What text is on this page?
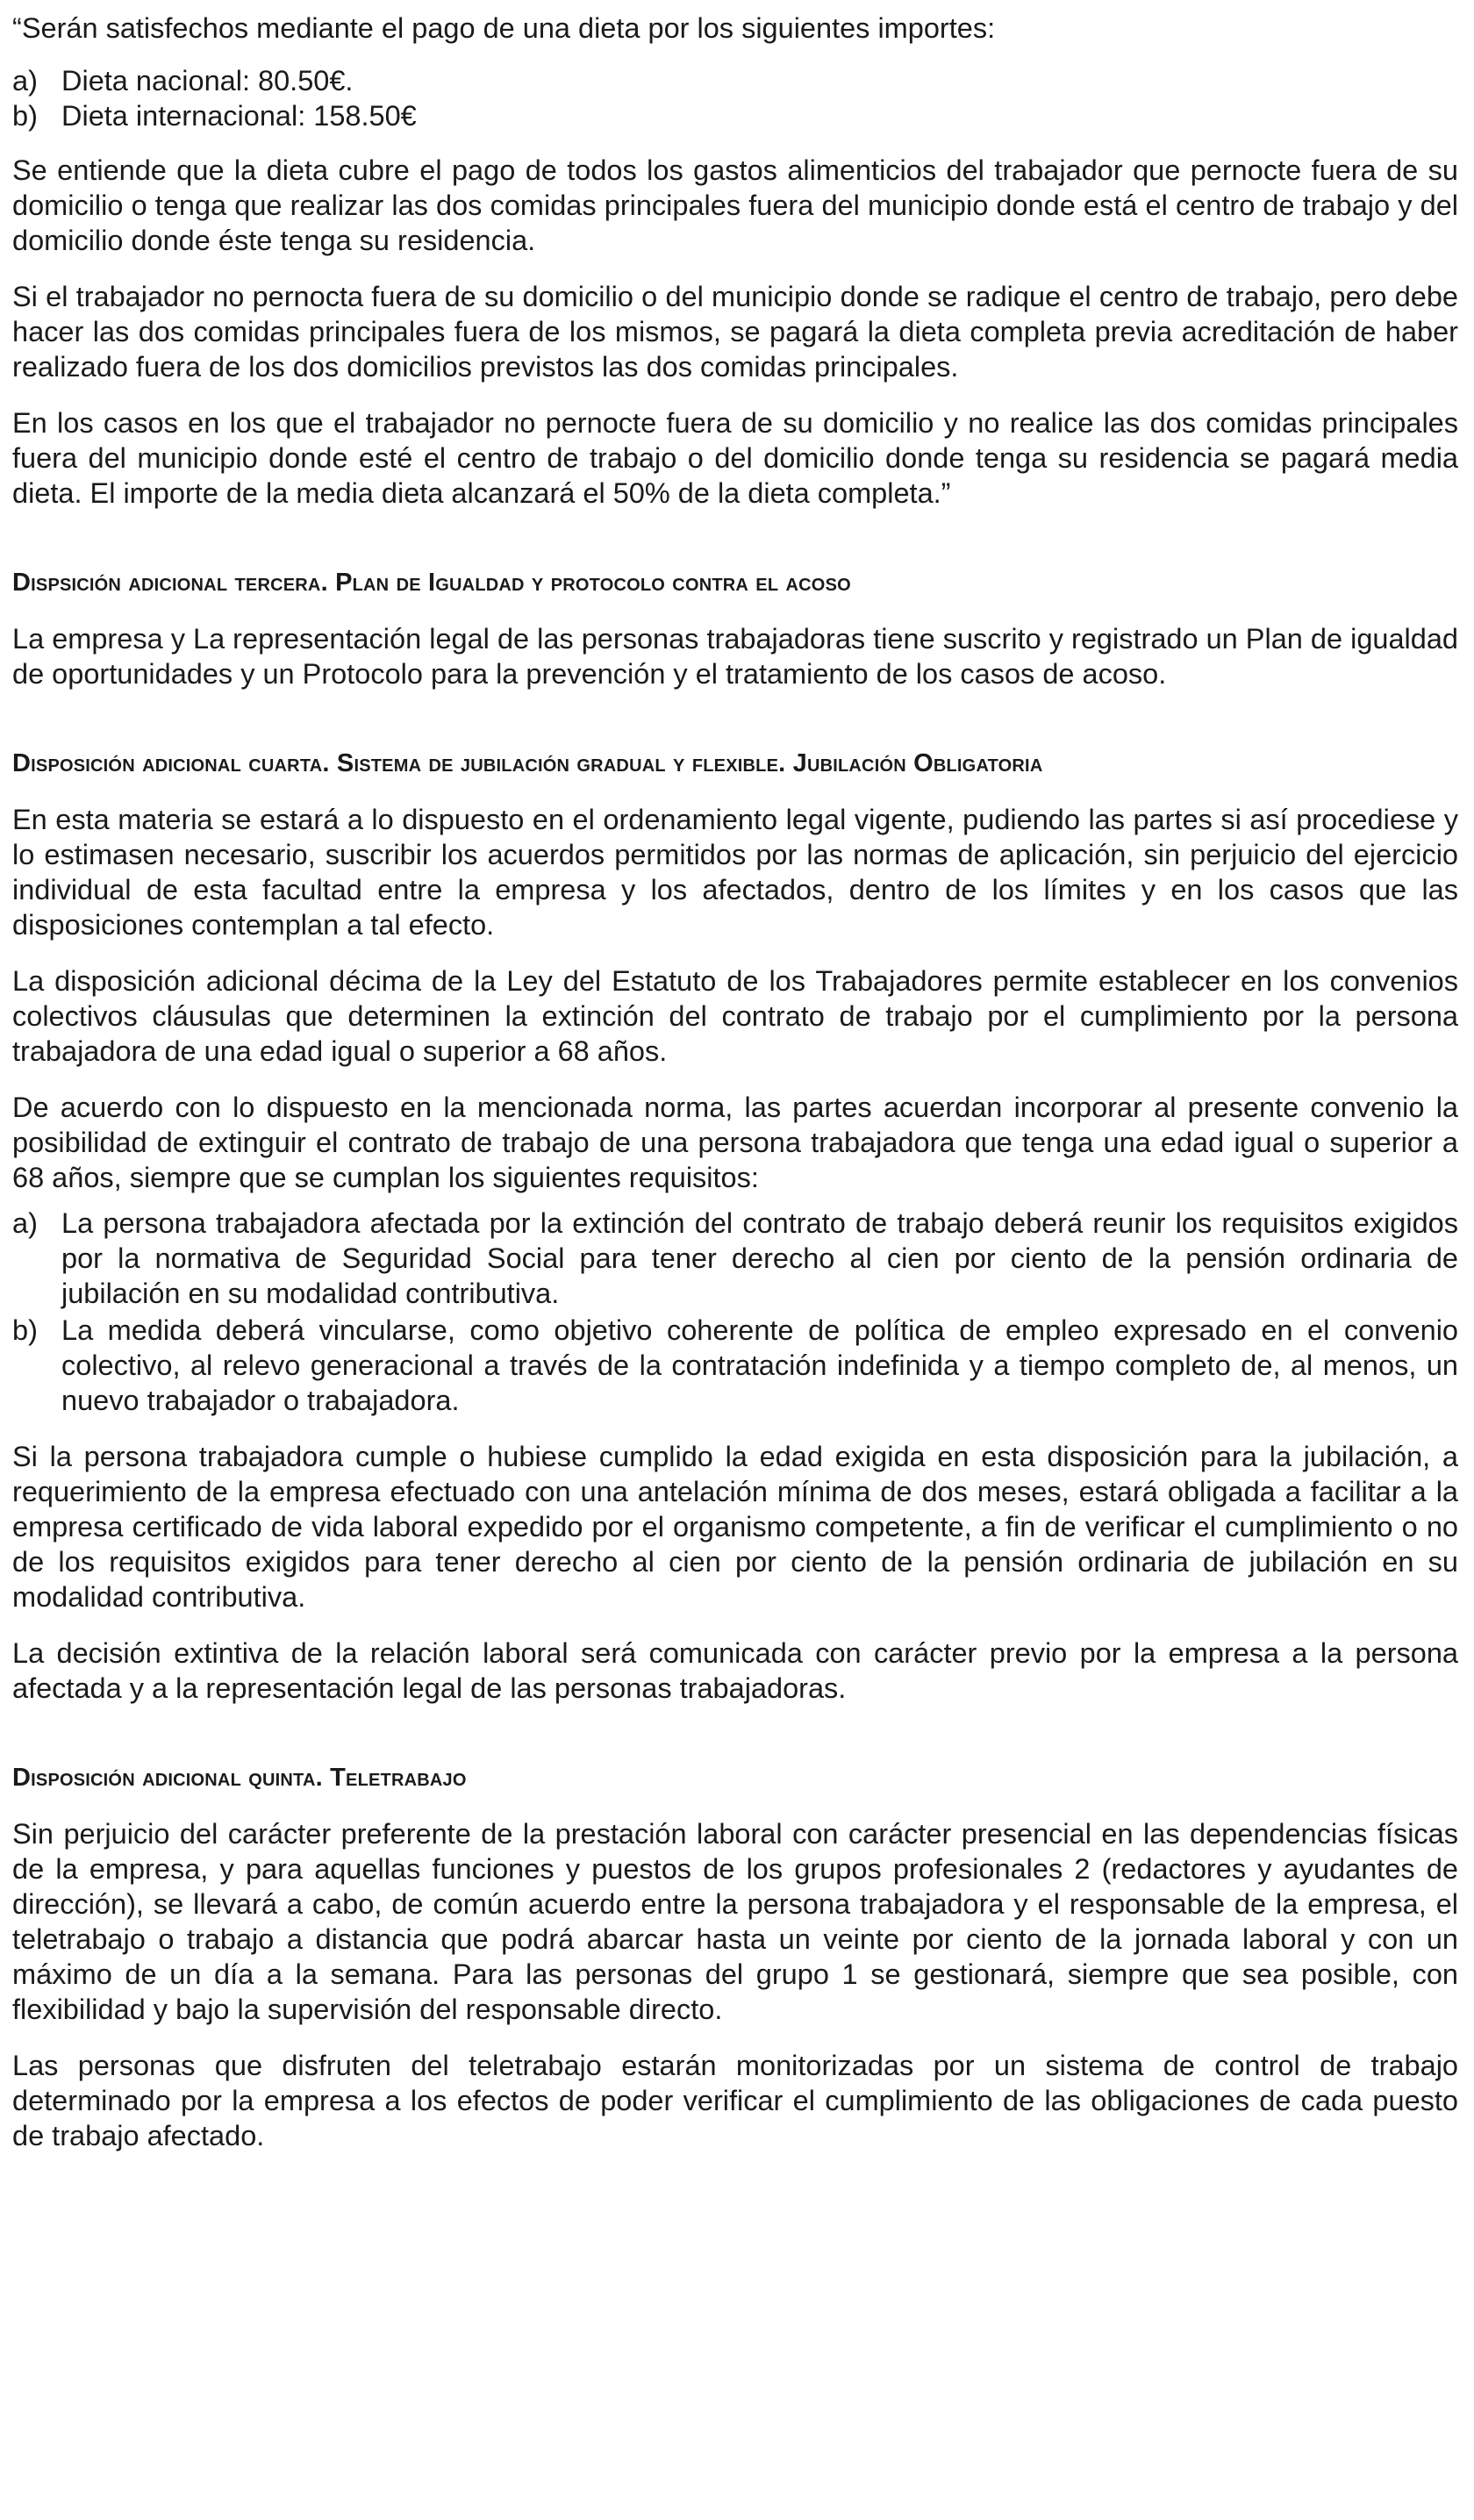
“Serán satisfechos mediante el pago de una dieta por los siguientes importes:

a) Dieta nacional: 80.50€.
b) Dieta internacional: 158.50€

Se entiende que la dieta cubre el pago de todos los gastos alimenticios del trabajador que pernocte fuera de su domicilio o tenga que realizar las dos comidas principales fuera del municipio donde está el centro de trabajo y del domicilio donde éste tenga su residencia.

Si el trabajador no pernocta fuera de su domicilio o del municipio donde se radique el centro de trabajo, pero debe hacer las dos comidas principales fuera de los mismos, se pagará la dieta completa previa acreditación de haber realizado fuera de los dos domicilios previstos las dos comidas principales.

En los casos en los que el trabajador no pernocte fuera de su domicilio y no realice las dos comidas principales fuera del municipio donde esté el centro de trabajo o del domicilio donde tenga su residencia se pagará media dieta. El importe de la media dieta alcanzará el 50% de la dieta completa.”

Dispsición adicional tercera. Plan de Igualdad y protocolo contra el acoso

La empresa y La representación legal de las personas trabajadoras tiene suscrito y registrado un Plan de igualdad de oportunidades y un Protocolo para la prevención y el tratamiento de los casos de acoso.

Disposición adicional cuarta. Sistema de jubilación gradual y flexible. Jubilación Obligatoria

En esta materia se estará a lo dispuesto en el ordenamiento legal vigente, pudiendo las partes si así procediese y lo estimasen necesario, suscribir los acuerdos permitidos por las normas de aplicación, sin perjuicio del ejercicio individual de esta facultad entre la empresa y los afectados, dentro de los límites y en los casos que las disposiciones contemplan a tal efecto.

La disposición adicional décima de la Ley del Estatuto de los Trabajadores permite establecer en los convenios colectivos cláusulas que determinen la extinción del contrato de trabajo por el cumplimiento por la persona trabajadora de una edad igual o superior a 68 años.

De acuerdo con lo dispuesto en la mencionada norma, las partes acuerdan incorporar al presente convenio la posibilidad de extinguir el contrato de trabajo de una persona trabajadora que tenga una edad igual o superior a 68 años, siempre que se cumplan los siguientes requisitos:

a) La persona trabajadora afectada por la extinción del contrato de trabajo deberá reunir los requisitos exigidos por la normativa de Seguridad Social para tener derecho al cien por ciento de la pensión ordinaria de jubilación en su modalidad contributiva.
b) La medida deberá vincularse, como objetivo coherente de política de empleo expresado en el convenio colectivo, al relevo generacional a través de la contratación indefinida y a tiempo completo de, al menos, un nuevo trabajador o trabajadora.

Si la persona trabajadora cumple o hubiese cumplido la edad exigida en esta disposición para la jubilación, a requerimiento de la empresa efectuado con una antelación mínima de dos meses, estará obligada a facilitar a la empresa certificado de vida laboral expedido por el organismo competente, a fin de verificar el cumplimiento o no de los requisitos exigidos para tener derecho al cien por ciento de la pensión ordinaria de jubilación en su modalidad contributiva.

La decisión extintiva de la relación laboral será comunicada con carácter previo por la empresa a la persona afectada y a la representación legal de las personas trabajadoras.

Disposición adicional quinta. Teletrabajo

Sin perjuicio del carácter preferente de la prestación laboral con carácter presencial en las dependencias físicas de la empresa, y para aquellas funciones y puestos de los grupos profesionales 2 (redactores y ayudantes de dirección), se llevará a cabo, de común acuerdo entre la persona trabajadora y el responsable de la empresa, el teletrabajo o trabajo a distancia que podrá abarcar hasta un veinte por ciento de la jornada laboral y con un máximo de un día a la semana. Para las personas del grupo 1 se gestionará, siempre que sea posible, con flexibilidad y bajo la supervisión del responsable directo.

Las personas que disfruten del teletrabajo estarán monitorizadas por un sistema de control de trabajo determinado por la empresa a los efectos de poder verificar el cumplimiento de las obligaciones de cada puesto de trabajo afectado.
